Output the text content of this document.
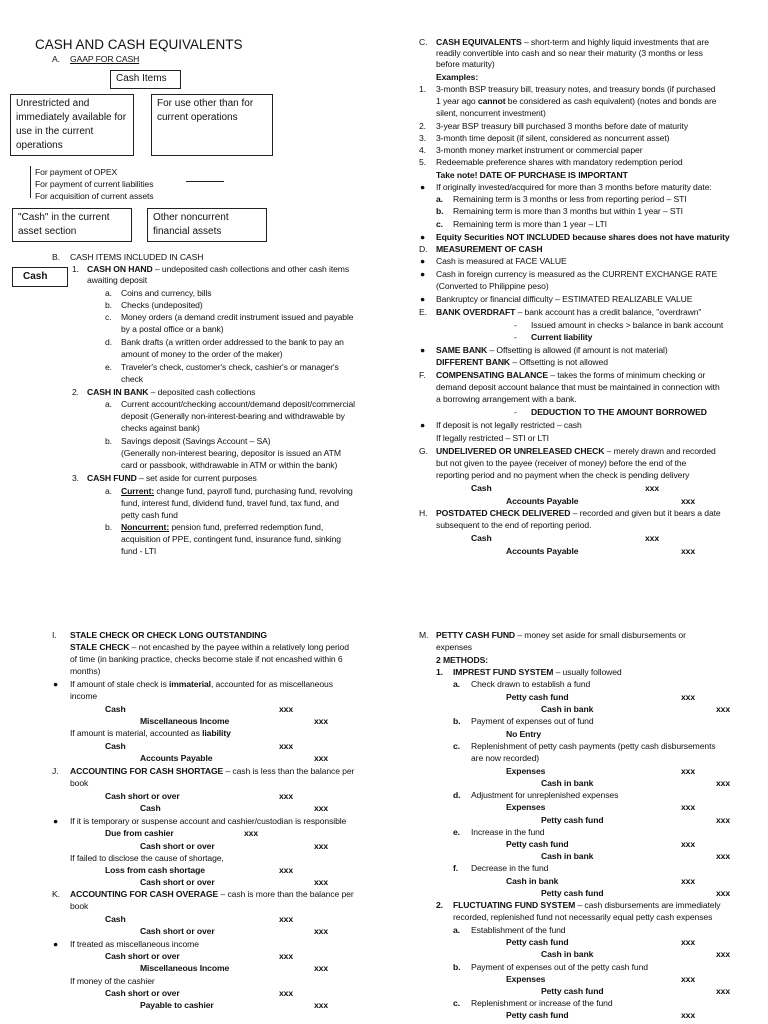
CASH AND CASH EQUIVALENTS
A. GAAP FOR CASH
Cash Items
Unrestricted and immediately available for use in the current operations
For use other than for current operations
For payment of OPEX
For payment of current liabilities
For acquisition of current assets
"Cash" in the current asset section
Other noncurrent financial assets
B. CASH ITEMS INCLUDED IN CASH
Cash
1. CASH ON HAND – undeposited cash collections and other cash items
awaiting deposit
a. Coins and currency, bills
b. Checks (undeposited)
c. Money orders (a demand credit instrument issued and payable
by a postal office or a bank)
d. Bank drafts (a written order addressed to the bank to pay an
amount of money to the order of the maker)
e. Traveler's check, customer's check, cashier's or manager's
check
2. CASH IN BANK – deposited cash collections
a. Current account/checking account/demand deposit/commercial
deposit (Generally non-interest-bearing and withdrawable by
checks against bank)
b. Savings deposit (Savings Account – SA)
(Generally non-interest bearing, depositor is issued an ATM
card or passbook, withdrawable in ATM or within the bank)
3. CASH FUND – set aside for current purposes
a. Current: change fund, payroll fund, purchasing fund, revolving
fund, interest fund, dividend fund, travel fund, tax fund, and
petty cash fund
b. Noncurrent: pension fund, preferred redemption fund,
acquisition of PPE, contingent fund, insurance fund, sinking
fund - LTI
C. CASH EQUIVALENTS – short-term and highly liquid investments that are
readily convertible into cash and so near their maturity (3 months or less
before maturity)
Examples:
1. 3-month BSP treasury bill, treasury notes, and treasury bonds (if purchased
1 year ago cannot be considered as cash equivalent) (notes and bonds are
silent, noncurrent investment)
2. 3-year BSP treasury bill purchased 3 months before date of maturity
3. 3-month time deposit (if silent, considered as noncurrent asset)
4. 3-month money market instrument or commercial paper
5. Redeemable preference shares with mandatory redemption period
Take note! DATE OF PURCHASE IS IMPORTANT
● If originally invested/acquired for more than 3 months before maturity date:
a. Remaining term is 3 months or less from reporting period – STI
b. Remaining term is more than 3 months but within 1 year – STI
c. Remaining term is more than 1 year – LTI
● Equity Securities NOT INCLUDED because shares does not have maturity
D. MEASUREMENT OF CASH
● Cash is measured at FACE VALUE
● Cash in foreign currency is measured as the CURRENT EXCHANGE RATE
(Converted to Philippine peso)
● Bankruptcy or financial difficulty – ESTIMATED REALIZABLE VALUE
E. BANK OVERDRAFT – bank account has a credit balance, "overdrawn"
- Issued amount in checks > balance in bank account
- Current liability
● SAME BANK – Offsetting is allowed (if amount is not material)
DIFFERENT BANK – Offsetting is not allowed
F. COMPENSATING BALANCE – takes the forms of minimum checking or
demand deposit account balance that must be maintained in connection with
a borrowing arrangement with a bank.
- DEDUCTION TO THE AMOUNT BORROWED
● If deposit is not legally restricted – cash
If legally restricted – STI or LTI
G. UNDELIVERED OR UNRELEASED CHECK – merely drawn and recorded
but not given to the payee (receiver of money) before the end of the
reporting period and no payment when the check is pending delivery
Cash	xxx
Accounts Payable	xxx
H. POSTDATED CHECK DELIVERED – recorded and given but it bears a date
subsequent to the end of reporting period.
Cash	xxx
Accounts Payable	xxx
I. STALE CHECK OR CHECK LONG OUTSTANDING
STALE CHECK – not encashed by the payee within a relatively long period
of time (in banking practice, checks become stale if not encashed within 6
months)
● If amount of stale check is immaterial, accounted for as miscellaneous
income
Cash	xxx
Miscellaneous Income	xxx
If amount is material, accounted as liability
Cash	xxx
Accounts Payable	xxx
J. ACCOUNTING FOR CASH SHORTAGE – cash is less than the balance per
book
Cash short or over	xxx
Cash	xxx
● If it is temporary or suspense account and cashier/custodian is responsible
Due from cashier	xxx
Cash short or over	xxx
If failed to disclose the cause of shortage,
Loss from cash shortage	xxx
Cash short or over	xxx
K. ACCOUNTING FOR CASH OVERAGE – cash is more than the balance per
book
Cash	xxx
Cash short or over	xxx
● If treated as miscellaneous income
Cash short or over	xxx
Miscellaneous Income	xxx
If money of the cashier
Cash short or over	xxx
Payable to cashier	xxx
M. PETTY CASH FUND – money set aside for small disbursements or
expenses
2 METHODS:
1. IMPREST FUND SYSTEM – usually followed
a. Check drawn to establish a fund
Petty cash fund	xxx
Cash in bank	xxx
b. Payment of expenses out of fund
No Entry
c. Replenishment of petty cash payments (petty cash disbursements
are now recorded)
Expenses	xxx
Cash in bank	xxx
d. Adjustment for unreplenished expenses
Expenses	xxx
Petty cash fund	xxx
e. Increase in the fund
Petty cash fund	xxx
Cash in bank	xxx
f. Decrease in the fund
Cash in bank	xxx
Petty cash fund	xxx
2. FLUCTUATING FUND SYSTEM – cash disbursements are immediately
recorded, replenished fund not necessarily equal petty cash expenses
a. Establishment of the fund
Petty cash fund	xxx
Cash in bank	xxx
b. Payment of expenses out of the petty cash fund
Expenses	xxx
Petty cash fund	xxx
c. Replenishment or increase of the fund
Petty cash fund	xxx
